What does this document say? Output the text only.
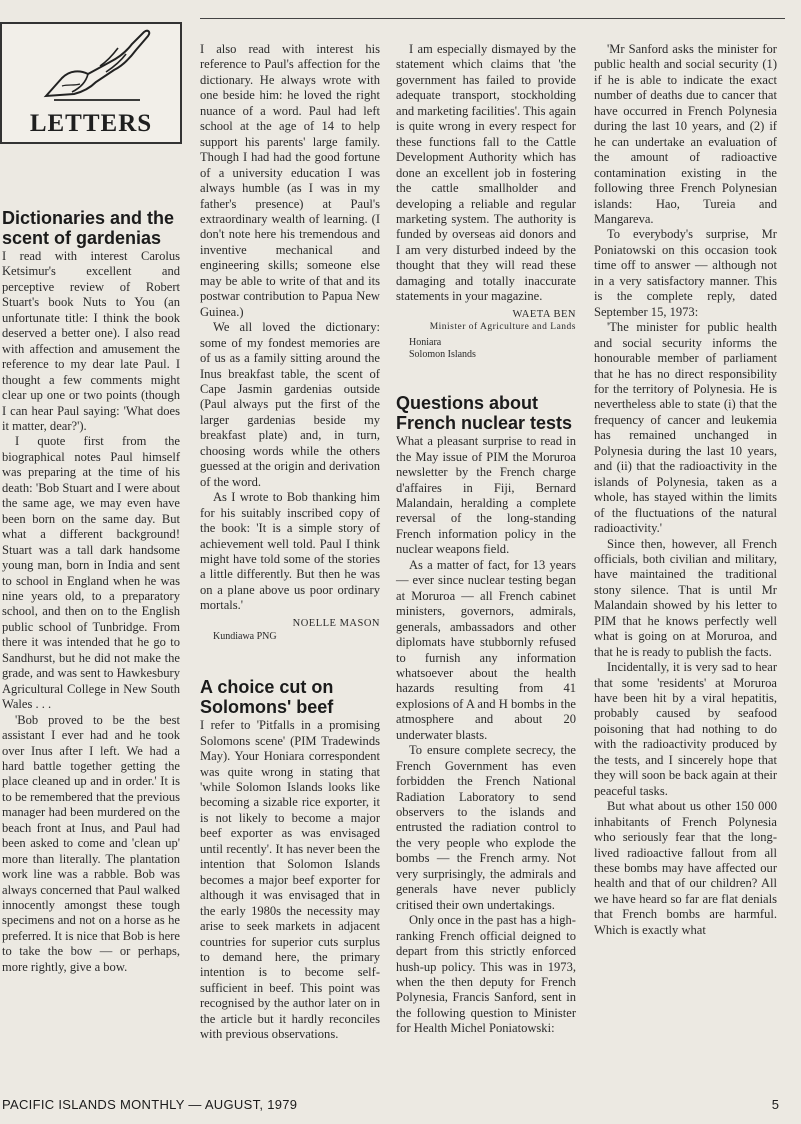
LETTERS
Dictionaries and the scent of gardenias

I read with interest Carolus Ketsimur's excellent and perceptive review of Robert Stuart's book Nuts to You (an unfortunate title: I think the book deserved a better one). I also read with affection and amusement the reference to my dear late Paul. I thought a few comments might clear up one or two points (though I can hear Paul saying: 'What does it matter, dear?').

I quote first from the biographical notes Paul himself was preparing at the time of his death: 'Bob Stuart and I were about the same age, we may even have been born on the same day. But what a different background! Stuart was a tall dark handsome young man, born in India and sent to school in England when he was nine years old, to a preparatory school, and then on to the English public school of Tunbridge. From there it was intended that he go to Sandhurst, but he did not make the grade, and was sent to Hawkesbury Agricultural College in New South Wales . . .

'Bob proved to be the best assistant I ever had and he took over Inus after I left. We had a hard battle together getting the place cleaned up and in order.' It is to be remembered that the previous manager had been murdered on the beach front at Inus, and Paul had been asked to come and 'clean up' more than literally. The plantation work line was a rabble. Bob was always concerned that Paul walked innocently amongst these tough specimens and not on a horse as he preferred. It is nice that Bob is here to take the bow — or perhaps, more rightly, give a bow.

I also read with interest his reference to Paul's affection for the dictionary. He always wrote with one beside him: he loved the right nuance of a word. Paul had left school at the age of 14 to help support his parents' large family. Though I had had the good fortune of a university education I was always humble (as I was in my father's presence) at Paul's extraordinary wealth of learning. (I don't note here his tremendous and inventive mechanical and engineering skills; someone else may be able to write of that and its postwar contribution to Papua New Guinea.)

We all loved the dictionary: some of my fondest memories are of us as a family sitting around the Inus breakfast table, the scent of Cape Jasmin gardenias outside (Paul always put the first of the larger gardenias beside my breakfast plate) and, in turn, choosing words while the others guessed at the origin and derivation of the word.

As I wrote to Bob thanking him for his suitably inscribed copy of the book: 'It is a simple story of achievement well told. Paul I think might have told some of the stories a little differently. But then he was on a plane above us poor ordinary mortals.'

NOELLE MASON

Kundiawa PNG

A choice cut on Solomons' beef

I refer to 'Pitfalls in a promising Solomons scene' (PIM Tradewinds May). Your Honiara correspondent was quite wrong in stating that 'while Solomon Islands looks like becoming a sizable rice exporter, it is not likely to become a major beef exporter as was envisaged until recently'. It has never been the intention that Solomon Islands becomes a major beef exporter for although it was envisaged that in the early 1980s the necessity may arise to seek markets in adjacent countries for superior cuts surplus to demand here, the primary intention is to become self-sufficient in beef. This point was recognised by the author later on in the article but it hardly reconciles with previous observations.

I am especially dismayed by the statement which claims that 'the government has failed to provide adequate transport, stockholding and marketing facilities'. This again is quite wrong in every respect for these functions fall to the Cattle Development Authority which has done an excellent job in fostering the cattle smallholder and developing a reliable and regular marketing system. The authority is funded by overseas aid donors and I am very disturbed indeed by the thought that they will read these damaging and totally inaccurate statements in your magazine.

WAETA BEN
Minister of Agriculture and Lands

Honiara

Solomon Islands

Questions about French nuclear tests

What a pleasant surprise to read in the May issue of PIM the Moruroa newsletter by the French charge d'affaires in Fiji, Bernard Malandain, heralding a complete reversal of the long-standing French information policy in the nuclear weapons field.

As a matter of fact, for 13 years — ever since nuclear testing began at Moruroa — all French cabinet ministers, governors, admirals, generals, ambassadors and other diplomats have stubbornly refused to furnish any information whatsoever about the health hazards resulting from 41 explosions of A and H bombs in the atmosphere and about 20 underwater blasts.

To ensure complete secrecy, the French Government has even forbidden the French National Radiation Laboratory to send observers to the islands and entrusted the radiation control to the very people who explode the bombs — the French army. Not very surprisingly, the admirals and generals have never publicly critised their own undertakings.

Only once in the past has a high-ranking French official deigned to depart from this strictly enforced hush-up policy. This was in 1973, when the then deputy for French Polynesia, Francis Sanford, sent in the following question to Minister for Health Michel Poniatowski:

'Mr Sanford asks the minister for public health and social security (1) if he is able to indicate the exact number of deaths due to cancer that have occurred in French Polynesia during the last 10 years, and (2) if he can undertake an evaluation of the amount of radioactive contamination existing in the following three French Polynesian islands: Hao, Tureia and Mangareva.

To everybody's surprise, Mr Poniatowski on this occasion took time off to answer — although not in a very satisfactory manner. This is the complete reply, dated September 15, 1973:

'The minister for public health and social security informs the honourable member of parliament that he has no direct responsibility for the territory of Polynesia. He is nevertheless able to state (i) that the frequency of cancer and leukemia has remained unchanged in Polynesia during the last 10 years, and (ii) that the radioactivity in the islands of Polynesia, taken as a whole, has stayed within the limits of the fluctuations of the natural radioactivity.'

Since then, however, all French officials, both civilian and military, have maintained the traditional stony silence. That is until Mr Malandain showed by his letter to PIM that he knows perfectly well what is going on at Moruroa, and that he is ready to publish the facts.

Incidentally, it is very sad to hear that some 'residents' at Moruroa have been hit by a viral hepatitis, probably caused by seafood poisoning that had nothing to do with the radioactivity produced by the tests, and I sincerely hope that they will soon be back again at their peaceful tasks.

But what about us other 150 000 inhabitants of French Polynesia who seriously fear that the long-lived radioactive fallout from all these bombs may have affected our health and that of our children? All we have heard so far are flat denials that French bombs are harmful. Which is exactly what

PACIFIC ISLANDS MONTHLY — AUGUST, 1979	5
